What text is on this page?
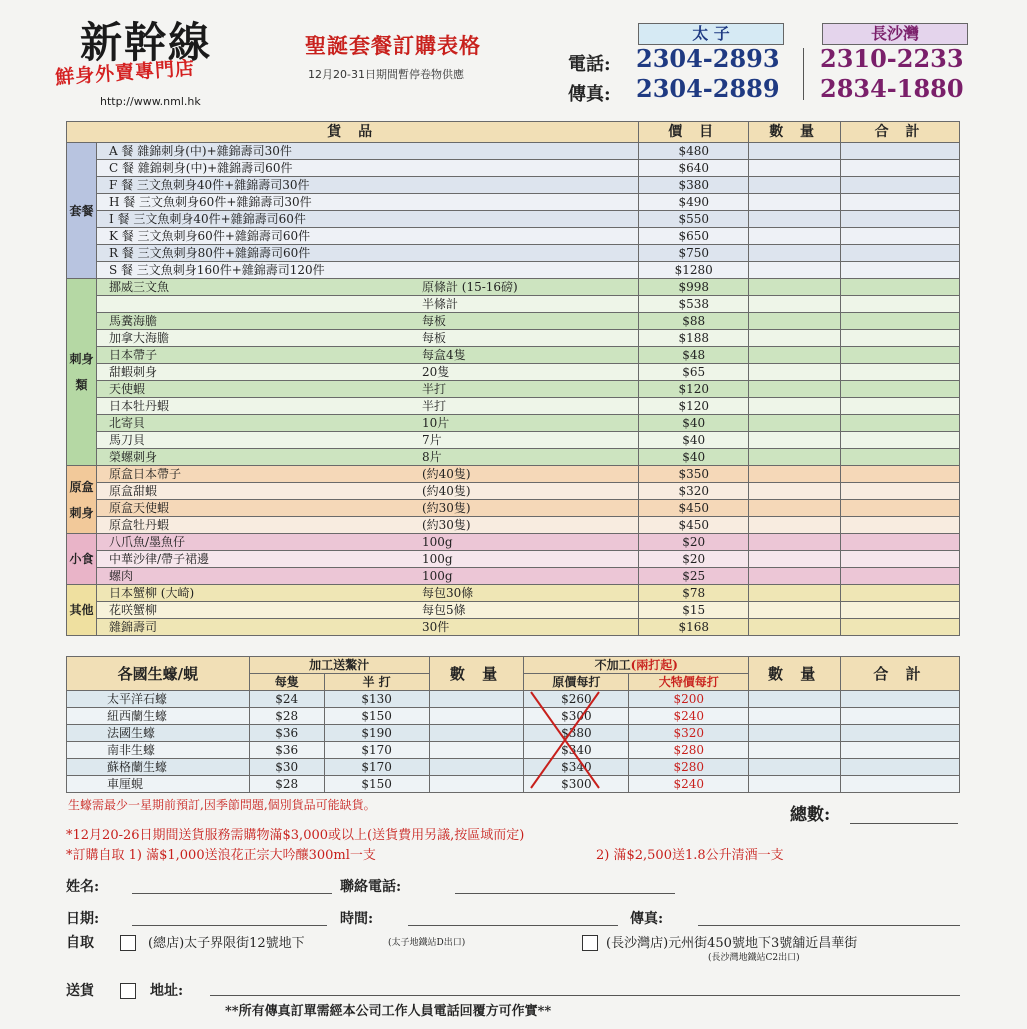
新幹線
鮮身外賣專門店
http://www.nml.hk
聖誕套餐訂購表格
12月20-31日期間暫停卷物供應
太 子	長沙灣
電話:
傳真:
2304-2893
2304-2889
2310-2233
2834-1880
貨 品		價 目	數 量	合 計
套餐	A 餐 雜錦刺身(中)+雜錦壽司30件	$480		
	C 餐 雜錦刺身(中)+雜錦壽司60件	$640		
	F 餐 三文魚刺身40件+雜錦壽司30件	$380		
	H 餐 三文魚刺身60件+雜錦壽司30件	$490		
	I 餐 三文魚刺身40件+雜錦壽司60件	$550		
	K 餐 三文魚刺身60件+雜錦壽司60件	$650		
	R 餐 三文魚刺身80件+雜錦壽司60件	$750		
	S 餐 三文魚刺身160件+雜錦壽司120件	$1280		
刺身類	挪威三文魚 原條計 (15-16磅)	$998		

	半條計	$538		
	馬糞海膽 每板	$88		
	加拿大海膽 每板	$188		
	日本帶子 每盒4隻	$48		
	甜蝦刺身 20隻	$65		
	天使蝦 半打	$120		
	日本牡丹蝦 半打	$120		
	北寄貝 10片	$40		
	馬刀貝 7片	$40		
	榮螺刺身 8片	$40		
原盒刺身	原盒日本帶子 (約40隻)	$350		
	原盒甜蝦 (約40隻)	$320		
	原盒天使蝦 (約30隻)	$450		
	原盒牡丹蝦 (約30隻)	$450		
小食	八爪魚/墨魚仔 100g	$20		
	中華沙律/帶子裙邊 100g	$20		
	螺肉 100g	$25		
其他	日本蟹柳 (大崎) 每包30條	$78		
	花咲蟹柳 每包5條	$15		
	雜錦壽司 30件	$168		
各國生蠔/蜆	加工送鰲汁		數 量	不加工(兩打起)		數 量	合 計
	每隻	半 打		原價每打	大特價每打		
太平洋石蠔	$24	$130		$260	$200		
紐西蘭生蠔	$28	$150		$300	$240		
法國生蠔	$36	$190		$380	$320		
南非生蠔	$36	$170		$340	$280		
蘇格蘭生蠔	$30	$170		$340	$280		
車厘蜆	$28	$150		$300	$240		
生蠔需最少一星期前預訂,因季節問題,個別貨品可能缺貨。	總數:
*12月20-26日期間送貨服務需購物滿$3,000或以上(送貨費用另議,按區域而定)
*訂購自取 1) 滿$1,000送浪花正宗大吟釀300ml一支	2) 滿$2,500送1.8公升清酒一支
姓名:	聯絡電話:
日期:	時間:	傳真:
自取	(總店)太子界限街12號地下	(太子地鐵站D出口)	(長沙灣店)元州街450號地下3號舖近昌華街
(長沙灣地鐵站C2出口)
送貨	地址:
**所有傳真訂單需經本公司工作人員電話回覆方可作實**
